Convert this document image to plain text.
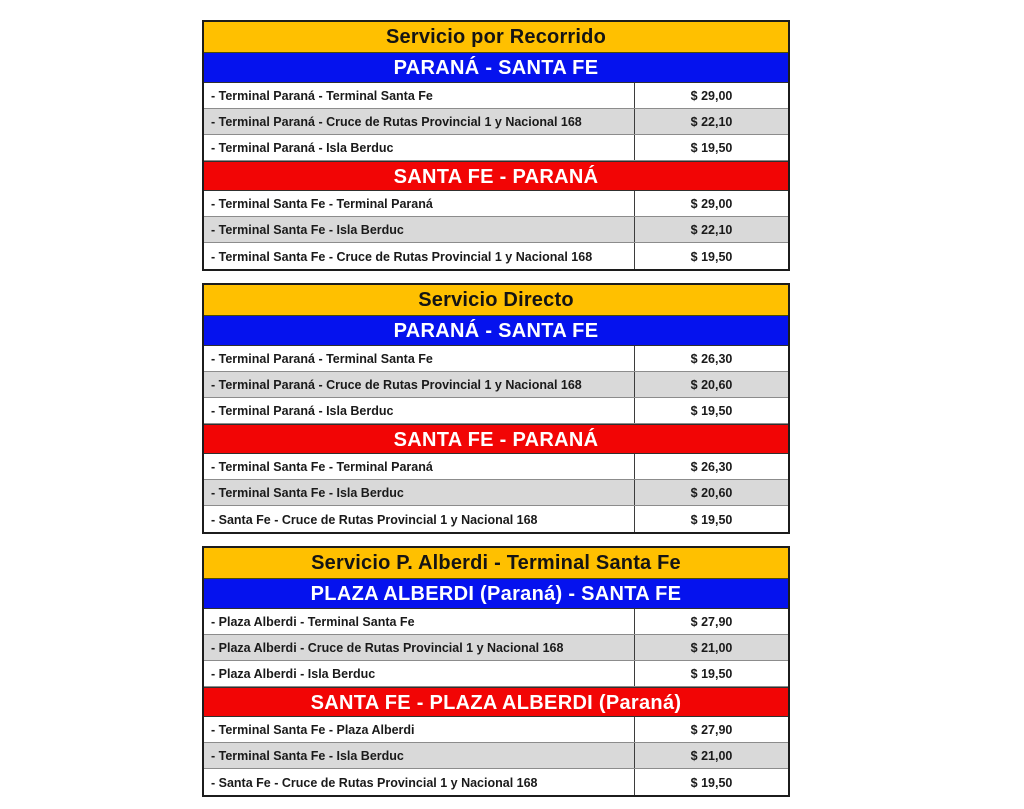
Servicio por Recorrido
PARANÁ - SANTA FE
- Terminal Paraná - Terminal Santa Fe	$ 29,00
- Terminal Paraná - Cruce de Rutas Provincial 1 y Nacional 168	$ 22,10
- Terminal Paraná - Isla Berduc	$ 19,50
SANTA FE - PARANÁ
- Terminal Santa Fe - Terminal Paraná	$ 29,00
- Terminal Santa Fe - Isla Berduc	$ 22,10
- Terminal Santa Fe - Cruce de Rutas Provincial 1 y Nacional 168	$ 19,50
Servicio Directo
PARANÁ - SANTA FE
- Terminal Paraná - Terminal Santa Fe	$ 26,30
- Terminal Paraná - Cruce de Rutas Provincial 1 y Nacional 168	$ 20,60
- Terminal Paraná - Isla Berduc	$ 19,50
SANTA FE - PARANÁ
- Terminal Santa Fe - Terminal Paraná	$ 26,30
- Terminal Santa Fe - Isla Berduc	$ 20,60
- Santa Fe - Cruce de Rutas Provincial 1 y Nacional 168	$ 19,50
Servicio P. Alberdi - Terminal Santa Fe
PLAZA ALBERDI (Paraná) - SANTA FE
- Plaza Alberdi - Terminal Santa Fe	$ 27,90
- Plaza Alberdi - Cruce de Rutas Provincial 1 y Nacional 168	$ 21,00
- Plaza Alberdi - Isla Berduc	$ 19,50
SANTA FE - PLAZA ALBERDI (Paraná)
- Terminal Santa Fe - Plaza Alberdi	$ 27,90
- Terminal Santa Fe - Isla Berduc	$ 21,00
- Santa Fe - Cruce de Rutas Provincial 1 y Nacional 168	$ 19,50
